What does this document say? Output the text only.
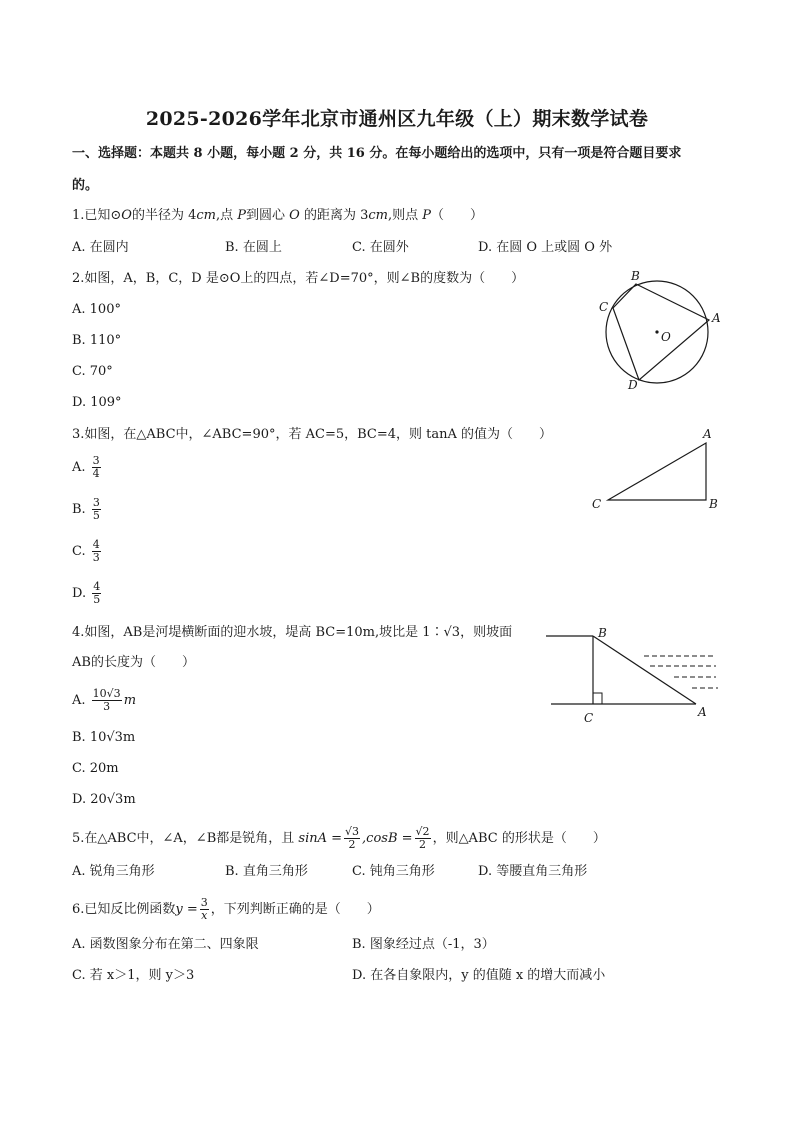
2025-2026学年北京市通州区九年级（上）期末数学试卷
一、选择题：本题共 8 小题，每小题 2 分，共 16 分。在每小题给出的选项中，只有一项是符合题目要求
的。
1.已知⊙O的半径为 4cm,点 P到圆心 O 的距离为 3cm,则点 P（　　）
A. 在圆内	B. 在圆上	C. 在圆外	D. 在圆 O 上或圆 O 外
2.如图，A，B，C，D 是⊙O上的四点，若∠D=70°，则∠B的度数为（　　）
A. 100°
B. 110°
C. 70°
D. 109°
B
C
A
O
D
3.如图，在△ABC中，∠ABC=90°，若 AC=5，BC=4，则 tanA 的值为（　　）
A. $\frac{3}{4}$
B. $\frac{3}{5}$
C. $\frac{4}{3}$
D. $\frac{4}{5}$
A
C	B
4.如图，AB是河堤横断面的迎水坡，堤高 BC=10m,坡比是 1∶√3，则坡面
AB的长度为（　　）
A. $\frac{10√3}{3}$ m
B. 10√3m
C. 20m
D. 20√3m
B
C	A
5.在△ABC中，∠A，∠B都是锐角，且 $\sin A = \frac{√3}{2} ,\cos B = \frac{√2}{2}$ ，则△ABC 的形状是（　　）
A. 锐角三角形	B. 直角三角形	C. 钝角三角形	D. 等腰直角三角形
6.已知反比例函数$y = \frac{3}{x}$ ，下列判断正确的是（　　）
A. 函数图象分布在第二、四象限	B. 图象经过点（-1，3）
C. 若 x＞1，则 y＞3	D. 在各自象限内，y 的值随 x 的增大而减小
